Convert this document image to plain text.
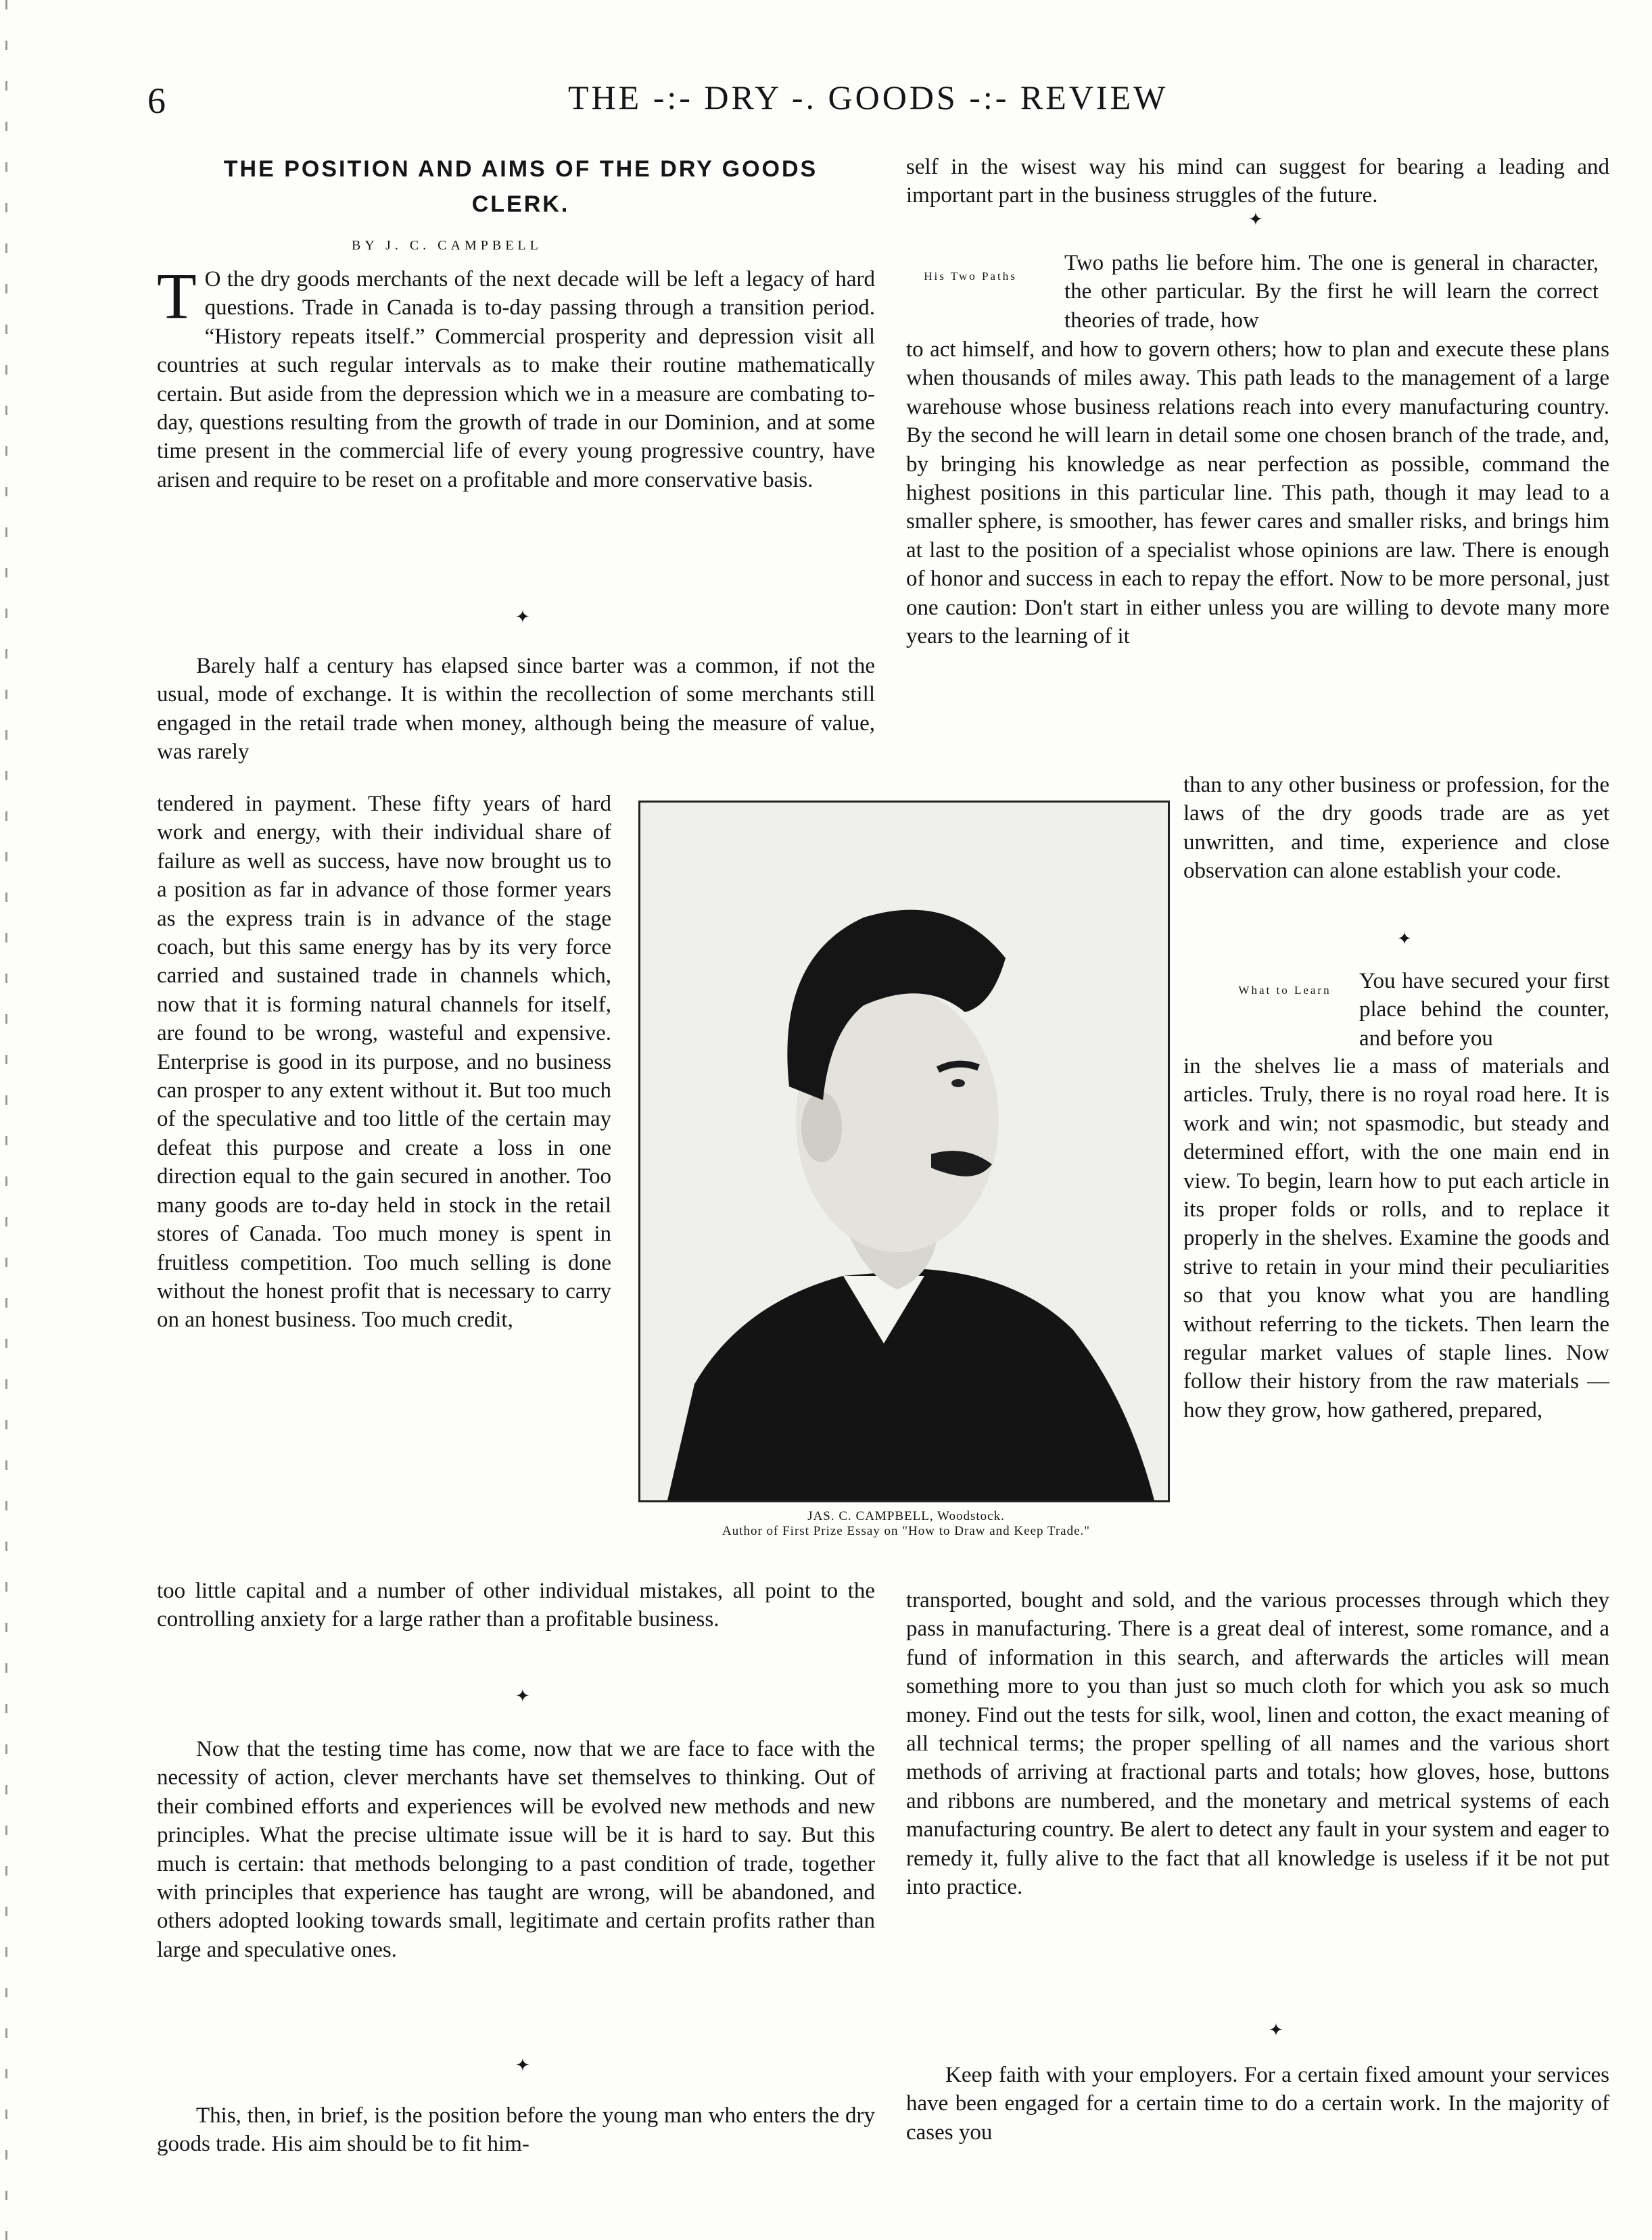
6	THE -:- DRY -. GOODS -:- REVIEW
THE POSITION AND AIMS OF THE DRY GOODS CLERK.
BY J. C. CAMPBELL

T O the dry goods merchants of the next decade will be left a legacy of hard questions. Trade in Canada is to-day passing through a transition period. “History repeats itself.” Commercial prosperity and depression visit all countries at such regular intervals as to make their routine mathematically certain. But aside from the depression which we in a measure are combating to-day, questions resulting from the growth of trade in our Dominion, and at some time present in the commercial life of every young progressive country, have arisen and require to be reset on a profitable and more conservative basis.

✦

Barely half a century has elapsed since barter was a common, if not the usual, mode of exchange. It is within the recollection of some merchants still engaged in the retail trade when money, although being the measure of value, was rarely

tendered in payment. These fifty years of hard work and energy, with their individual share of failure as well as success, have now brought us to a position as far in advance of those former years as the express train is in advance of the stage coach, but this same energy has by its very force carried and sustained trade in channels which, now that it is forming natural channels for itself, are found to be wrong, wasteful and expensive. Enterprise is good in its purpose, and no business can prosper to any extent without it. But too much of the speculative and too little of the certain may defeat this purpose and create a loss in one direction equal to the gain secured in another. Too many goods are to-day held in stock in the retail stores of Canada. Too much money is spent in fruitless competition. Too much selling is done without the honest profit that is necessary to carry on an honest business. Too much credit,

too little capital and a number of other individual mistakes, all point to the controlling anxiety for a large rather than a profitable business.

✦

Now that the testing time has come, now that we are face to face with the necessity of action, clever merchants have set themselves to thinking. Out of their combined efforts and experiences will be evolved new methods and new principles. What the precise ultimate issue will be it is hard to say. But this much is certain: that methods belonging to a past condition of trade, together with principles that experience has taught are wrong, will be abandoned, and others adopted looking towards small, legitimate and certain profits rather than large and speculative ones.

✦

This, then, in brief, is the position before the young man who enters the dry goods trade. His aim should be to fit him-

self in the wisest way his mind can suggest for bearing a leading and important part in the business struggles of the future.

✦
His Two Paths

Two paths lie before him. The one is general in character, the other particular. By the first he will learn the correct theories of trade, how

to act himself, and how to govern others; how to plan and execute these plans when thousands of miles away. This path leads to the management of a large warehouse whose business relations reach into every manufacturing country. By the second he will learn in detail some one chosen branch of the trade, and, by bringing his knowledge as near perfection as possible, command the highest positions in this particular line. This path, though it may lead to a smaller sphere, is smoother, has fewer cares and smaller risks, and brings him at last to the position of a specialist whose opinions are law. There is enough of honor and success in each to repay the effort. Now to be more personal, just one caution: Don't start in either unless you are willing to devote many more years to the learning of it

than to any other business or profession, for the laws of the dry goods trade are as yet unwritten, and time, experience and close observation can alone establish your code.

✦
What to Learn You have secured your first place behind the counter, and before you

in the shelves lie a mass of materials and articles. Truly, there is no royal road here. It is work and win; not spasmodic, but steady and determined effort, with the one main end in view. To begin, learn how to put each article in its proper folds or rolls, and to replace it properly in the shelves. Examine the goods and strive to retain in your mind their peculiarities so that you know what you are handling without referring to the tickets. Then learn the regular market values of staple lines. Now follow their history from the raw materials — how they grow, how gathered, prepared,

transported, bought and sold, and the various processes through which they pass in manufacturing. There is a great deal of interest, some romance, and a fund of information in this search, and afterwards the articles will mean something more to you than just so much cloth for which you ask so much money. Find out the tests for silk, wool, linen and cotton, the exact meaning of all technical terms; the proper spelling of all names and the various short methods of arriving at fractional parts and totals; how gloves, hose, buttons and ribbons are numbered, and the monetary and metrical systems of each manufacturing country. Be alert to detect any fault in your system and eager to remedy it, fully alive to the fact that all knowledge is useless if it be not put into practice.

✦

Keep faith with your employers. For a certain fixed amount your services have been engaged for a certain time to do a certain work. In the majority of cases you

JAS. C. CAMPBELL, Woodstock.
Author of First Prize Essay on "How to Draw and Keep Trade."
